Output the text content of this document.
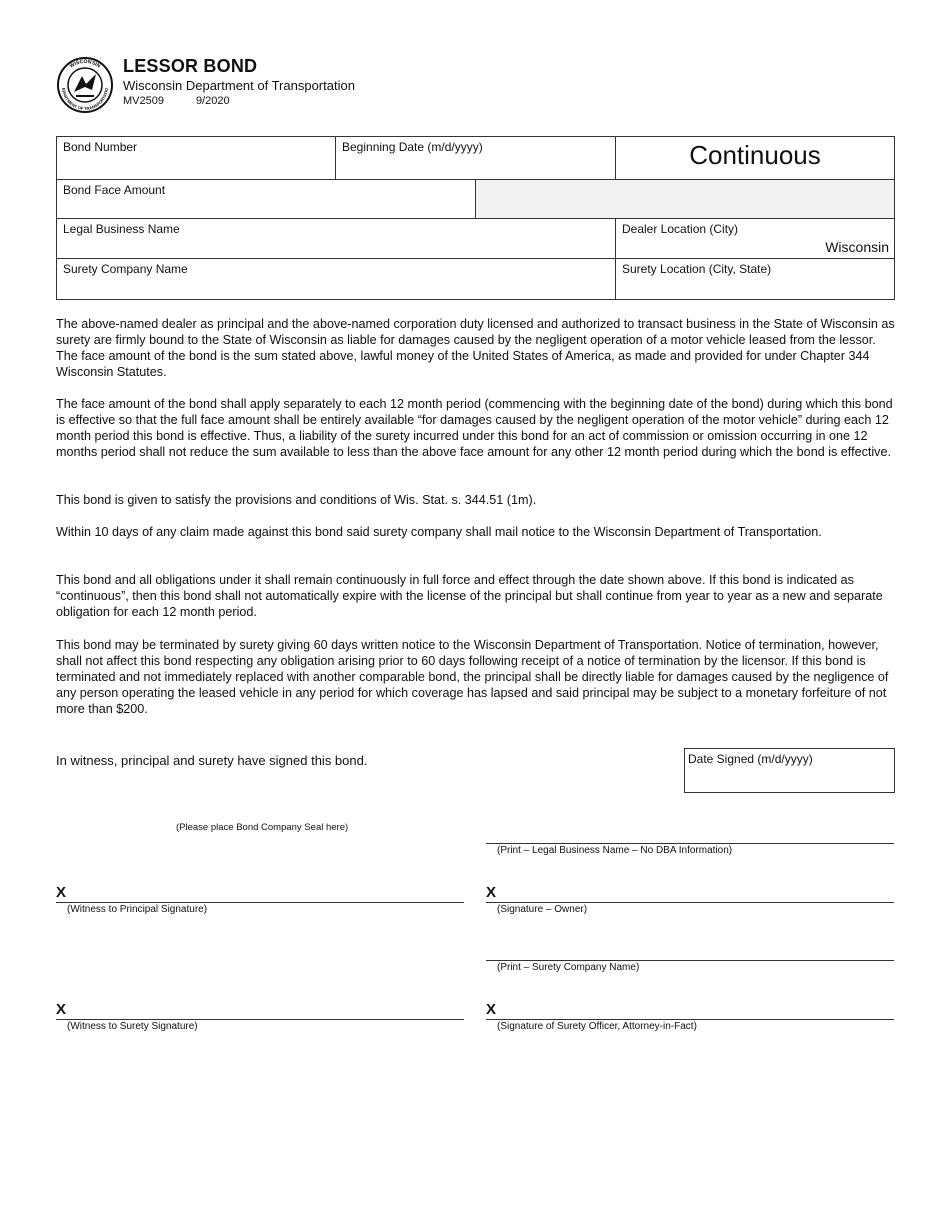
WISCONSIN
EPARTMENT OF TRANSPORTATIO
LESSOR BOND
Wisconsin Department of Transportation
MV2509	9/2020
Bond Number	Beginning Date (m/d/yyyy)	Continuous
Bond Face Amount
Legal Business Name	Dealer Location (City)
Wisconsin
Surety Company Name	Surety Location (City, State)

The above-named dealer as principal and the above-named corporation duty licensed and authorized to transact business in the State of Wisconsin as surety are firmly bound to the State of Wisconsin as liable for damages caused by the negligent operation of a motor vehicle leased from the lessor. The face amount of the bond is the sum stated above, lawful money of the United States of America, as made and provided for under Chapter 344 Wisconsin Statutes.

The face amount of the bond shall apply separately to each 12 month period (commencing with the beginning date of the bond) during which this bond is effective so that the full face amount shall be entirely available “for damages caused by the negligent operation of the motor vehicle” during each 12 month period this bond is effective. Thus, a liability of the surety incurred under this bond for an act of commission or omission occurring in one 12 months period shall not reduce the sum available to less than the above face amount for any other 12 month period during which the bond is effective.

This bond is given to satisfy the provisions and conditions of Wis. Stat. s. 344.51 (1m).

Within 10 days of any claim made against this bond said surety company shall mail notice to the Wisconsin Department of Transportation.

This bond and all obligations under it shall remain continuously in full force and effect through the date shown above. If this bond is indicated as “continuous”, then this bond shall not automatically expire with the license of the principal but shall continue from year to year as a new and separate obligation for each 12 month period.

This bond may be terminated by surety giving 60 days written notice to the Wisconsin Department of Transportation. Notice of termination, however, shall not affect this bond respecting any obligation arising prior to 60 days following receipt of a notice of termination by the licensor. If this bond is terminated and not immediately replaced with another comparable bond, the principal shall be directly liable for damages caused by the negligence of any person operating the leased vehicle in any period for which coverage has lapsed and said principal may be subject to a monetary forfeiture of not more than $200.

In witness, principal and surety have signed this bond.	Date Signed (m/d/yyyy)
(Please place Bond Company Seal here)
(Print – Legal Business Name – No DBA Information)
X
(Witness to Principal Signature)
X
(Signature – Owner)
(Print – Surety Company Name)
X
(Witness to Surety Signature)
X
(Signature of Surety Officer, Attorney-in-Fact)
